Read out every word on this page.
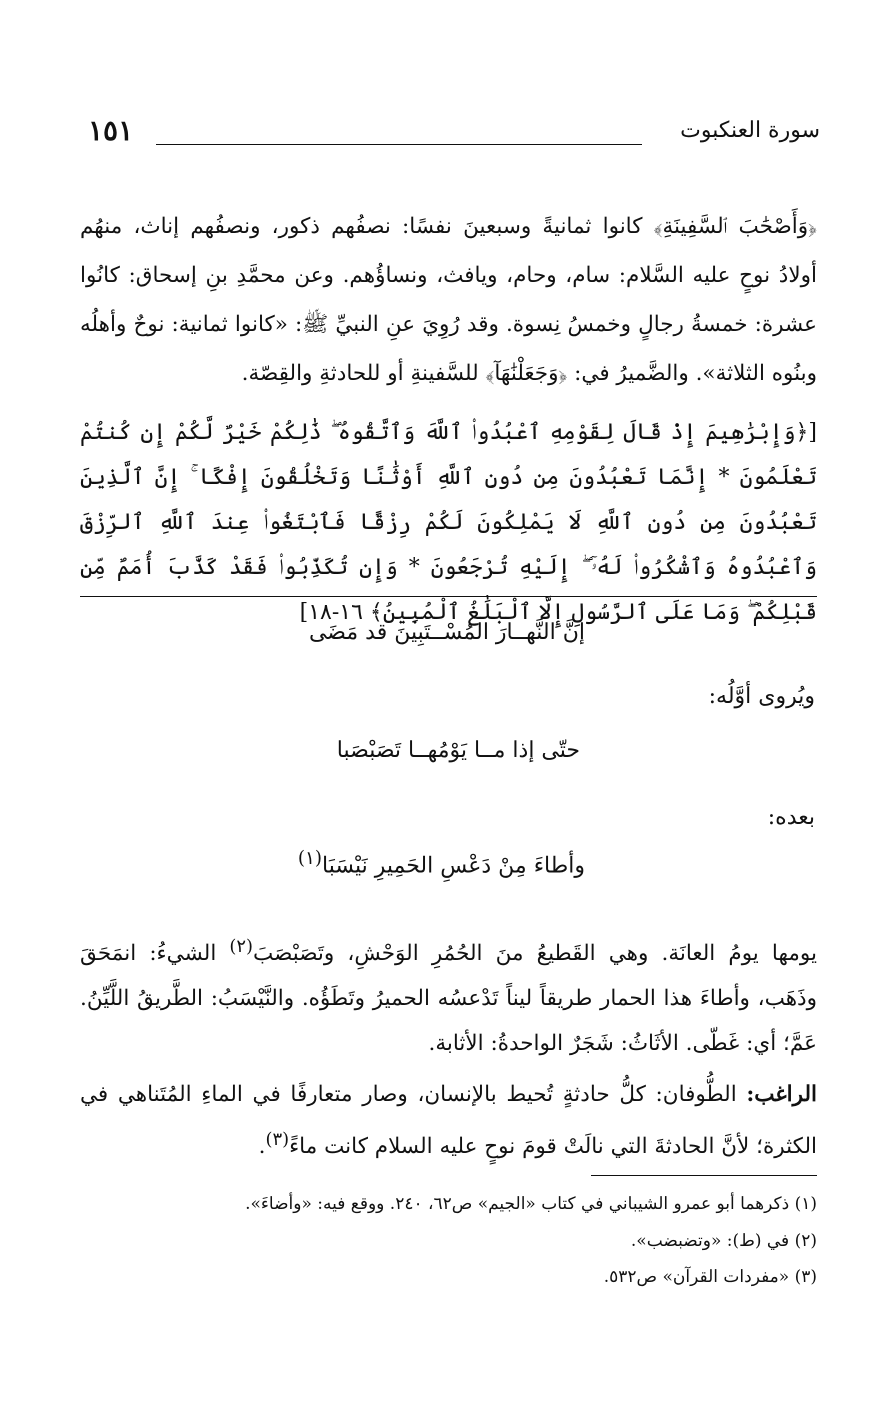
سورة العنكبوت
١٥١

﴿وَأَصْحَٰبَ ٱلسَّفِينَةِ﴾ كانوا ثمانيةً وسبعينَ نفسًا: نصفُهم ذكور، ونصفُهم إناث، منهُم أولادُ نوحٍ عليه السَّلام: سام، وحام، ويافث، ونساؤُهم. وعن محمَّدِ بنِ إسحاق: كانُوا عشرة: خمسةُ رجالٍ وخمسُ نِسوة. وقد رُوِيَ عنِ النبيِّ ﷺ: «كانوا ثمانية: نوحٌ وأهلُه وبنُوه الثلاثة». والضَّميرُ في: ﴿وَجَعَلْنَٰهَآ﴾ للسَّفينةِ أو للحادثةِ والقِصّة.

[﴿وَإِبْرَٰهِيمَ إِذْ قَالَ لِقَوْمِهِ ٱعْبُدُوا۟ ٱللَّهَ وَٱتَّقُوهُ ۖ ذَٰلِكُمْ خَيْرٌ لَّكُمْ إِن كُنتُمْ تَعْلَمُونَ * إِنَّمَا تَعْبُدُونَ مِن دُونِ ٱللَّهِ أَوْثَٰنًا وَتَخْلُقُونَ إِفْكًا ۚ إِنَّ ٱلَّذِينَ تَعْبُدُونَ مِن دُونِ ٱللَّهِ لَا يَمْلِكُونَ لَكُمْ رِزْقًا فَٱبْتَغُوا۟ عِندَ ٱللَّهِ ٱلرِّزْقَ وَٱعْبُدُوهُ وَٱشْكُرُوا۟ لَهُۥٓ ۖ إِلَيْهِ تُرْجَعُونَ * وَإِن تُكَذِّبُوا۟ فَقَدْ كَذَّبَ أُمَمٌ مِّن قَبْلِكُمْ ۖ وَمَا عَلَى ٱلرَّسُولِ إِلَّا ٱلْبَلَٰغُ ٱلْمُبِينُ﴾ ١٦-١٨]

إنَّ النَّهــارَ المُسْــتَبِينَ قد مَضَى
ويُروى أوَّلُه:
حتّى إذا مــا يَوْمُهــا تَصَبْصَبا
بعده:
وأطاءَ مِنْ دَعْسِ الحَمِيرِ نَيْسَبَا$^{(١)}$

يومها يومُ العانَة. وهي القَطيعُ منَ الحُمُرِ الوَحْشِ، وتَصَبْصَبَ$^{(٢)}$ الشيءُ: انمَحَقَ وذَهَب، وأطاءَ هذا الحمار طريقاً ليناً تَدْعسُه الحميرُ وتَطَؤُه. والنَّيْسَبُ: الطَّريقُ اللَّيِّنُ. عَمَّ؛ أي: غَطّى. الأثَاثُ: شَجَرٌ الواحدةُ: الأثابة.

الراغب: الطُّوفان: كلُّ حادثةٍ تُحيط بالإنسان، وصار متعارفًا في الماءِ المُتَناهي في الكثرة؛ لأنَّ الحادثةَ التي نالَتْ قومَ نوحٍ عليه السلام كانت ماءً$^{(٣)}$.

(١) ذكرهما أبو عمرو الشيباني في كتاب «الجيم» ص٦٢، ٢٤٠. ووقع فيه: «وأضاءَ».
(٢) في (ط): «وتضبضب».
(٣) «مفردات القرآن» ص٥٣٢.
